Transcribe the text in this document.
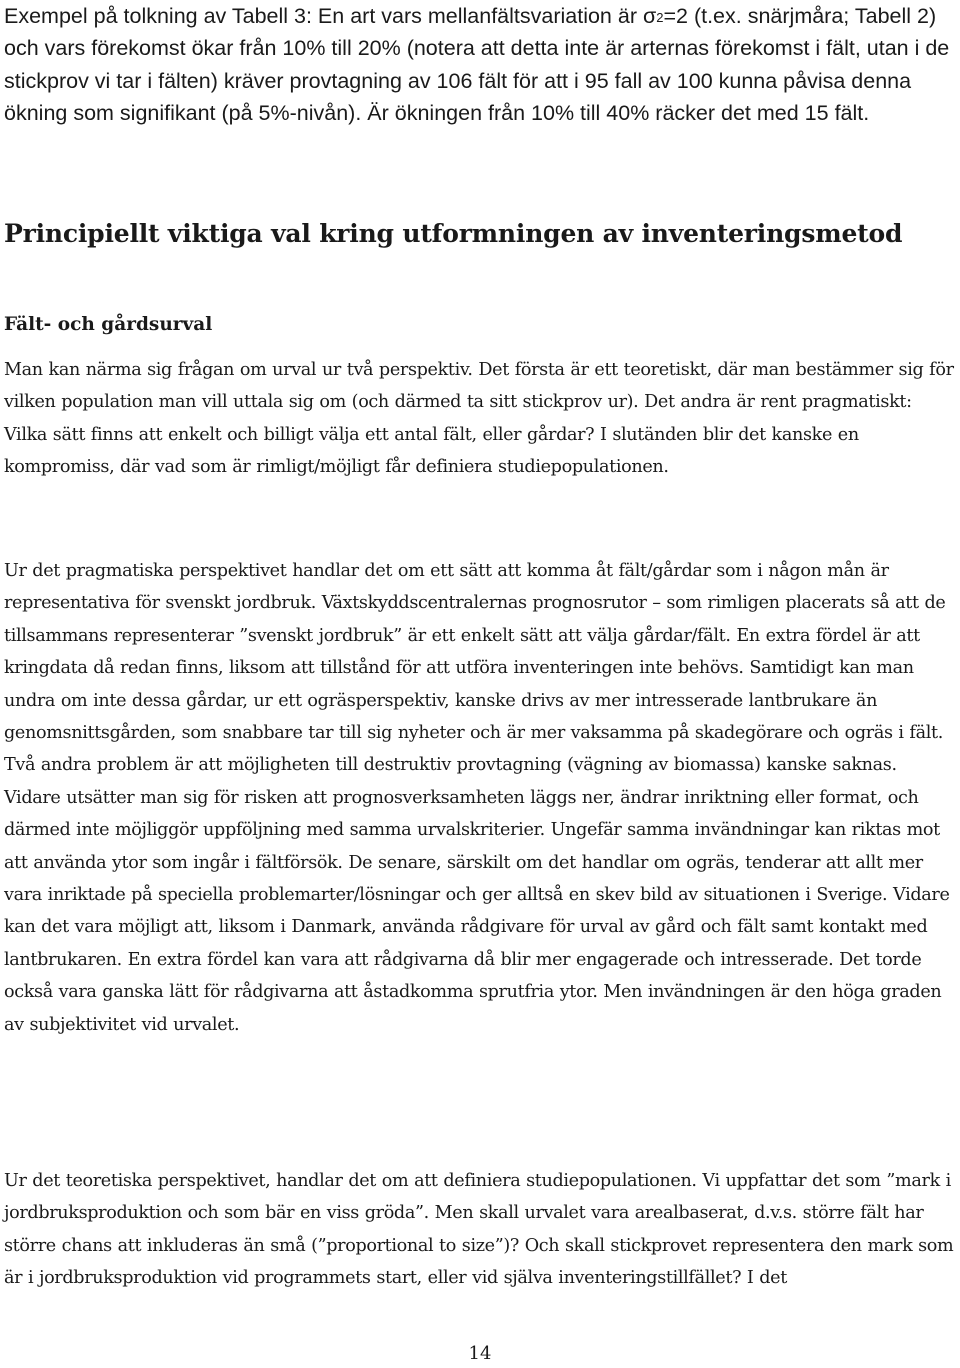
Exempel på tolkning av Tabell 3: En art vars mellanfältsvariation är $\sigma^2=2$ (t.ex. snärjmåra; Tabell 2) och vars förekomst ökar från 10% till 20% (notera att detta inte är arternas förekomst i fält, utan i de stickprov vi tar i fälten) kräver provtagning av 106 fält för att i 95 fall av 100 kunna påvisa denna ökning som signifikant (på 5%-nivån). Är ökningen från 10% till 40% räcker det med 15 fält.

Principiellt viktiga val kring utformningen av inventeringsmetod
Fält- och gårdsurval

Man kan närma sig frågan om urval ur två perspektiv. Det första är ett teoretiskt, där man bestämmer sig för vilken population man vill uttala sig om (och därmed ta sitt stickprov ur). Det andra är rent pragmatiskt: Vilka sätt finns att enkelt och billigt välja ett antal fält, eller gårdar? I slutänden blir det kanske en kompromiss, där vad som är rimligt/möjligt får definiera studiepopulationen.

Ur det pragmatiska perspektivet handlar det om ett sätt att komma åt fält/gårdar som i någon mån är representativa för svenskt jordbruk. Växtskyddscentralernas prognosrutor – som rimligen placerats så att de tillsammans representerar ”svenskt jordbruk” är ett enkelt sätt att välja gårdar/fält. En extra fördel är att kringdata då redan finns, liksom att tillstånd för att utföra inventeringen inte behövs. Samtidigt kan man undra om inte dessa gårdar, ur ett ogräsperspektiv, kanske drivs av mer intresserade lantbrukare än genomsnittsgården, som snabbare tar till sig nyheter och är mer vaksamma på skadegörare och ogräs i fält. Två andra problem är att möjligheten till destruktiv provtagning (vägning av biomassa) kanske saknas. Vidare utsätter man sig för risken att prognosverksamheten läggs ner, ändrar inriktning eller format, och därmed inte möjliggör uppföljning med samma urvalskriterier. Ungefär samma invändningar kan riktas mot att använda ytor som ingår i fältförsök. De senare, särskilt om det handlar om ogräs, tenderar att allt mer vara inriktade på speciella problemarter/lösningar och ger alltså en skev bild av situationen i Sverige. Vidare kan det vara möjligt att, liksom i Danmark, använda rådgivare för urval av gård och fält samt kontakt med lantbrukaren. En extra fördel kan vara att rådgivarna då blir mer engagerade och intresserade. Det torde också vara ganska lätt för rådgivarna att åstadkomma sprutfria ytor. Men invändningen är den höga graden av subjektivitet vid urvalet.

Ur det teoretiska perspektivet, handlar det om att definiera studiepopulationen. Vi uppfattar det som ”mark i jordbruksproduktion och som bär en viss gröda”. Men skall urvalet vara arealbaserat, d.v.s. större fält har större chans att inkluderas än små (”proportional to size”)? Och skall stickprovet representera den mark som är i jordbruksproduktion vid programmets start, eller vid själva inventeringstillfället? I det

14
